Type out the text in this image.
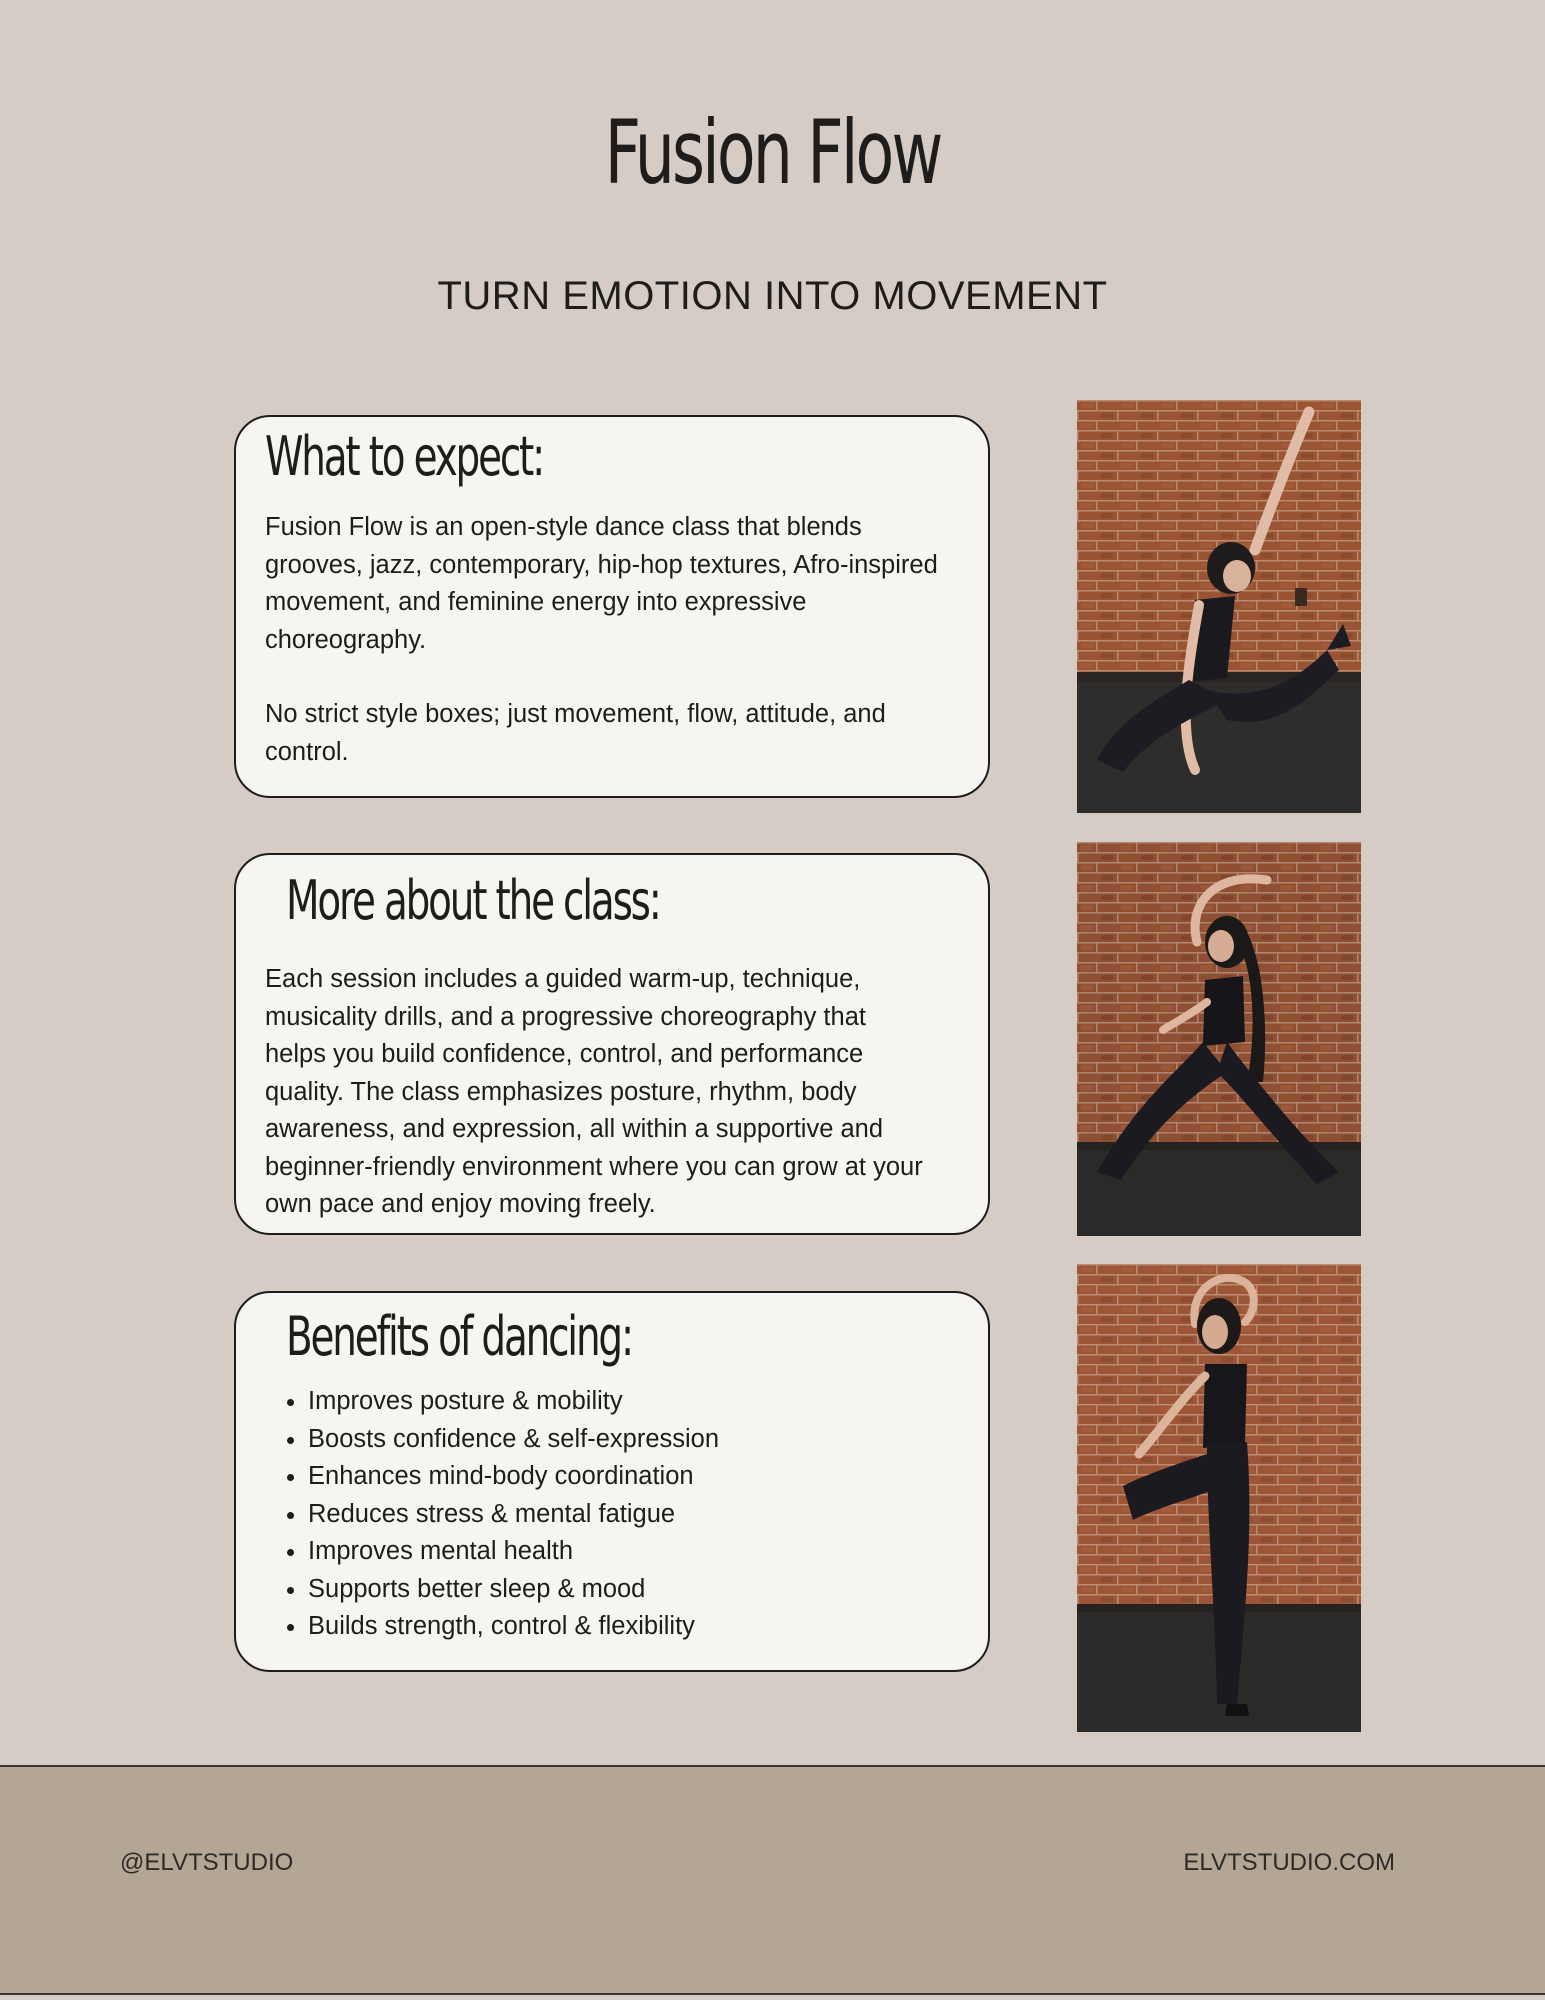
Fusion Flow
TURN EMOTION INTO MOVEMENT
What to expect:

Fusion Flow is an open-style dance class that blends grooves, jazz, contemporary, hip-hop textures, Afro-inspired movement, and feminine energy into expressive choreography.

No strict style boxes; just movement, flow, attitude, and control.

More about the class:

Each session includes a guided warm-up, technique, musicality drills, and a progressive choreography that helps you build confidence, control, and performance quality. The class emphasizes posture, rhythm, body awareness, and expression, all within a supportive and beginner-friendly environment where you can grow at your own pace and enjoy moving freely.

Benefits of dancing:
• Improves posture & mobility
• Boosts confidence & self-expression
• Enhances mind-body coordination
• Reduces stress & mental fatigue
• Improves mental health
• Supports better sleep & mood
• Builds strength, control & flexibility
@ELVTSTUDIO	ELVTSTUDIO.COM
